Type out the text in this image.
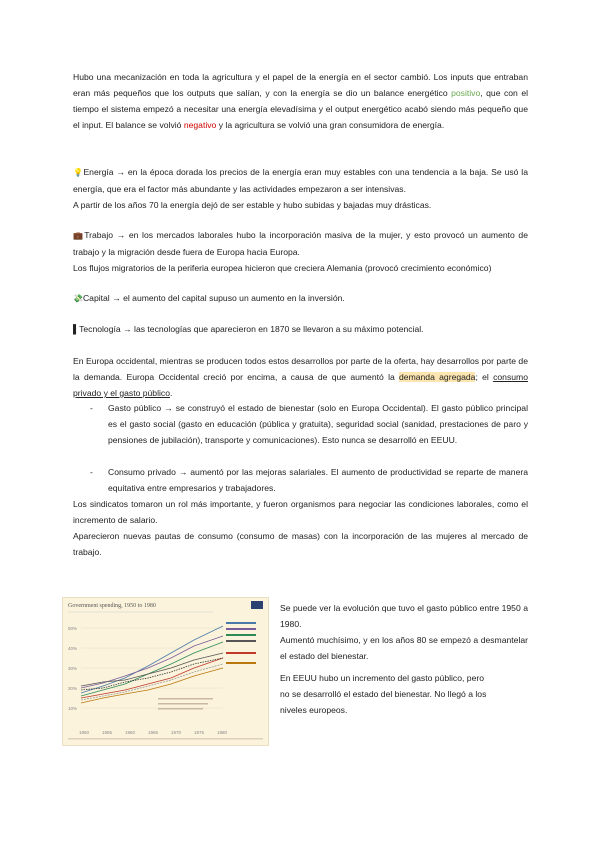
Hubo una mecanización en toda la agricultura y el papel de la energía en el sector cambió. Los inputs que entraban eran más pequeños que los outputs que salían, y con la energía se dio un balance energético positivo, que con el tiempo el sistema empezó a necesitar una energía elevadísima y el output energético acabó siendo más pequeño que el input. El balance se volvió negativo y la agricultura se volvió una gran consumidora de energía.
💡Energía → en la época dorada los precios de la energía eran muy estables con una tendencia a la baja. Se usó la energía, que era el factor más abundante y las actividades empezaron a ser intensivas.
A partir de los años 70 la energía dejó de ser estable y hubo subidas y bajadas muy drásticas.
💼Trabajo → en los mercados laborales hubo la incorporación masiva de la mujer, y esto provocó un aumento de trabajo y la migración desde fuera de Europa hacia Europa.
Los flujos migratorios de la periferia europea hicieron que creciera Alemania (provocó crecimiento económico)
💸Capital → el aumento del capital supuso un aumento en la inversión.
▌Tecnología → las tecnologías que aparecieron en 1870 se llevaron a su máximo potencial.
En Europa occidental, mientras se producen todos estos desarrollos por parte de la oferta, hay desarrollos por parte de la demanda. Europa Occidental creció por encima, a causa de que aumentó la demanda agregada; el consumo privado y el gasto público.
- Gasto público → se construyó el estado de bienestar (solo en Europa Occidental). El gasto público principal es el gasto social (gasto en educación (pública y gratuita), seguridad social (sanidad, prestaciones de paro y pensiones de jubilación), transporte y comunicaciones). Esto nunca se desarrolló en EEUU.
- Consumo privado → aumentó por las mejoras salariales. El aumento de productividad se reparte de manera equitativa entre empresarios y trabajadores.
Los sindicatos tomaron un rol más importante, y fueron organismos para negociar las condiciones laborales, como el incremento de salario.
Aparecieron nuevas pautas de consumo (consumo de masas) con la incorporación de las mujeres al mercado de trabajo.
Government spending, 1950 to 1980
50%
40%
30%
20%
10%
1950	1955	1960	1965	1970	1975	1980
Se puede ver la evolución que tuvo el gasto público entre 1950 a 1980.
Aumentó muchísimo, y en los años 80 se empezó a desmantelar el estado del bienestar.
En EEUU hubo un incremento del gasto público, pero
no se desarrolló el estado del bienestar. No llegó a los
niveles europeos.
